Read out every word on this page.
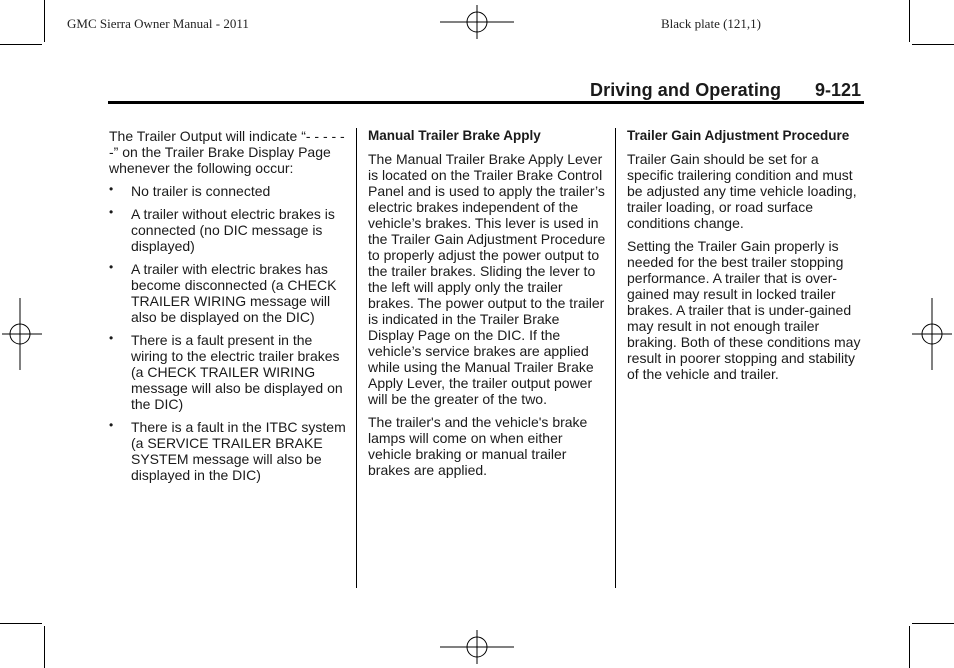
GMC Sierra Owner Manual - 2011	Black plate (121,1)
Driving and Operating 9-121

The Trailer Output will indicate “- - - - - -” on the Trailer Brake Display Page whenever the following occur:

• No trailer is connected
• A trailer without electric brakes is connected (no DIC message is displayed)
• A trailer with electric brakes has become disconnected (a CHECK TRAILER WIRING message will also be displayed on the DIC)
• There is a fault present in the wiring to the electric trailer brakes (a CHECK TRAILER WIRING message will also be displayed on the DIC)
• There is a fault in the ITBC system (a SERVICE TRAILER BRAKE SYSTEM message will also be displayed in the DIC)
Manual Trailer Brake Apply

The Manual Trailer Brake Apply Lever is located on the Trailer Brake Control Panel and is used to apply the trailer’s electric brakes independent of the vehicle’s brakes. This lever is used in the Trailer Gain Adjustment Procedure to properly adjust the power output to the trailer brakes. Sliding the lever to the left will apply only the trailer brakes. The power output to the trailer is indicated in the Trailer Brake Display Page on the DIC. If the vehicle’s service brakes are applied while using the Manual Trailer Brake Apply Lever, the trailer output power will be the greater of the two.

The trailer's and the vehicle's brake lamps will come on when either vehicle braking or manual trailer brakes are applied.

Trailer Gain Adjustment Procedure

Trailer Gain should be set for a specific trailering condition and must be adjusted any time vehicle loading, trailer loading, or road surface conditions change.

Setting the Trailer Gain properly is needed for the best trailer stopping performance. A trailer that is over-gained may result in locked trailer brakes. A trailer that is under-gained may result in not enough trailer braking. Both of these conditions may result in poorer stopping and stability of the vehicle and trailer.
